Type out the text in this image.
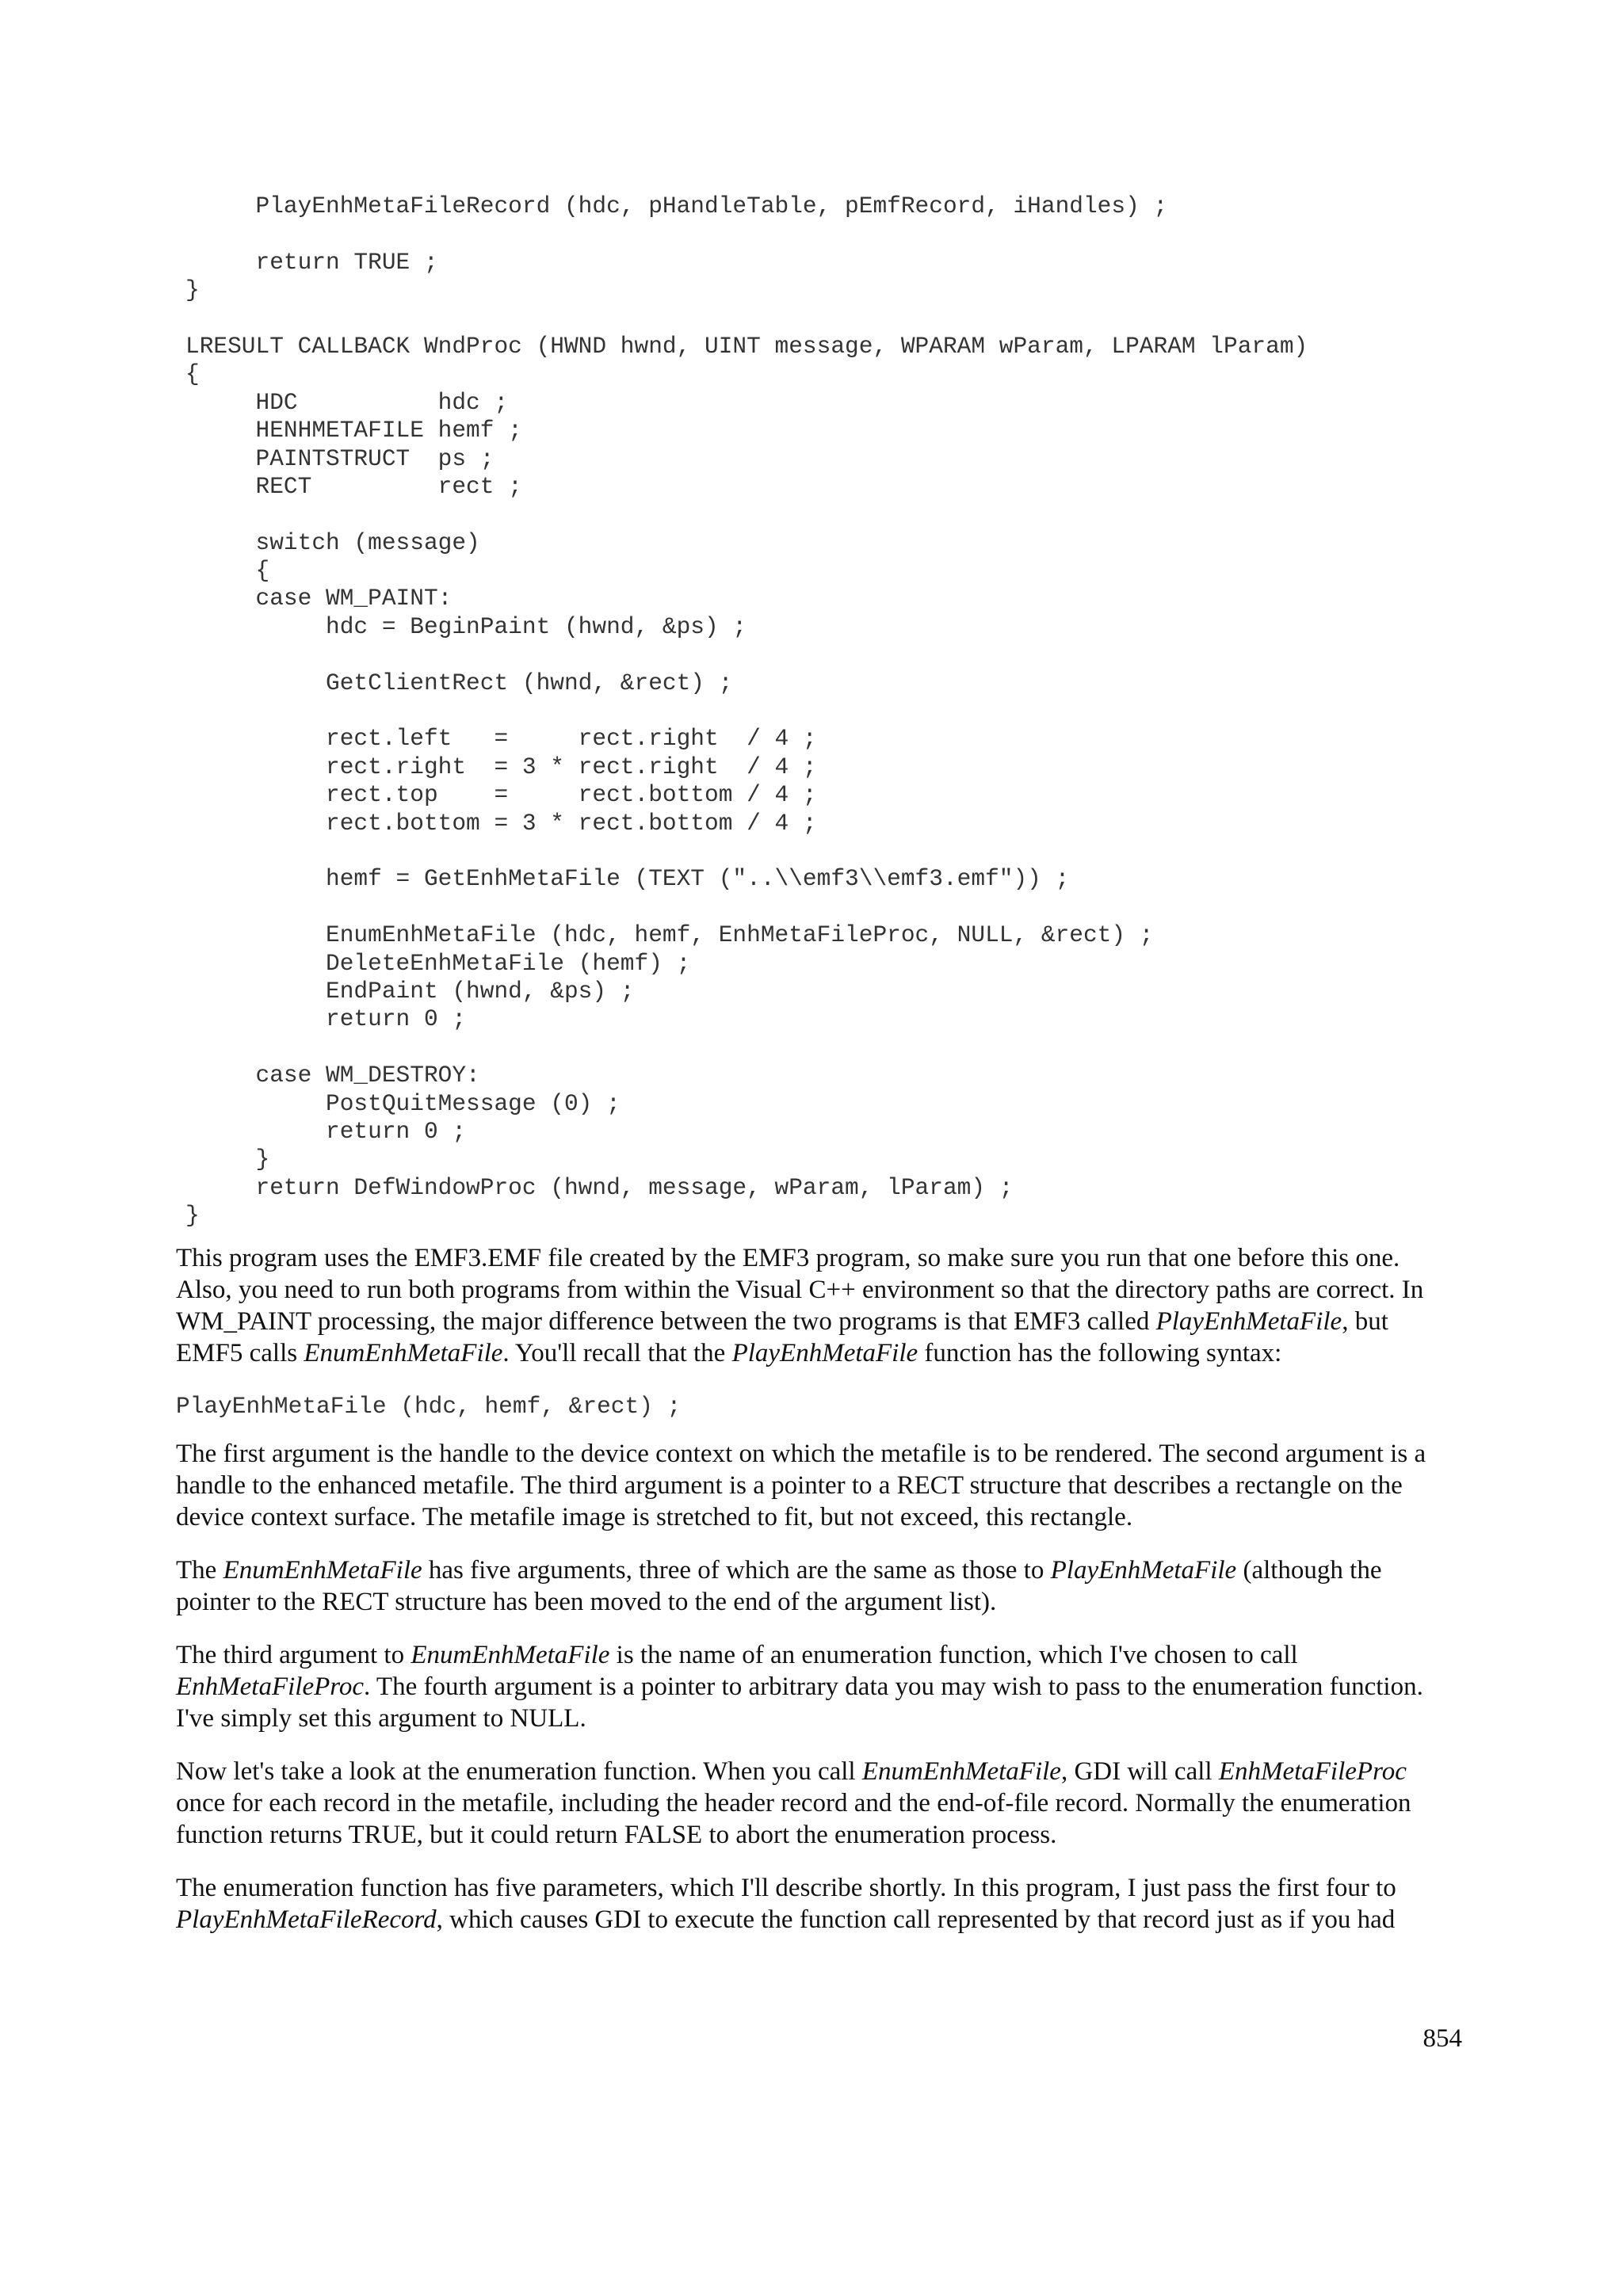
PlayEnhMetaFileRecord (hdc, pHandleTable, pEmfRecord, iHandles) ;
return TRUE ;
}
LRESULT CALLBACK WndProc (HWND hwnd, UINT message, WPARAM wParam, LPARAM lParam)
{
HDC          hdc ;
HENHMETAFILE hemf ;
PAINTSTRUCT  ps ;
RECT         rect ;
switch (message)
{
case WM_PAINT:
hdc = BeginPaint (hwnd, &ps) ;
GetClientRect (hwnd, &rect) ;
rect.left   =     rect.right  / 4 ;
rect.right  = 3 * rect.right  / 4 ;
rect.top    =     rect.bottom / 4 ;
rect.bottom = 3 * rect.bottom / 4 ;
hemf = GetEnhMetaFile (TEXT ("..\\emf3\\emf3.emf")) ;
EnumEnhMetaFile (hdc, hemf, EnhMetaFileProc, NULL, &rect) ;
DeleteEnhMetaFile (hemf) ;
EndPaint (hwnd, &ps) ;
return 0 ;
case WM_DESTROY:
PostQuitMessage (0) ;
return 0 ;
}
return DefWindowProc (hwnd, message, wParam, lParam) ;
}

This program uses the EMF3.EMF file created by the EMF3 program, so make sure you run that one before this one. Also, you need to run both programs from within the Visual C++ environment so that the directory paths are correct. In WM_PAINT processing, the major difference between the two programs is that EMF3 called PlayEnhMetaFile, but EMF5 calls EnumEnhMetaFile. You'll recall that the PlayEnhMetaFile function has the following syntax:

PlayEnhMetaFile (hdc, hemf, &rect) ;

The first argument is the handle to the device context on which the metafile is to be rendered. The second argument is a handle to the enhanced metafile. The third argument is a pointer to a RECT structure that describes a rectangle on the device context surface. The metafile image is stretched to fit, but not exceed, this rectangle.

The EnumEnhMetaFile has five arguments, three of which are the same as those to PlayEnhMetaFile (although the pointer to the RECT structure has been moved to the end of the argument list).

The third argument to EnumEnhMetaFile is the name of an enumeration function, which I've chosen to call EnhMetaFileProc. The fourth argument is a pointer to arbitrary data you may wish to pass to the enumeration function. I've simply set this argument to NULL.

Now let's take a look at the enumeration function. When you call EnumEnhMetaFile, GDI will call EnhMetaFileProc once for each record in the metafile, including the header record and the end-of-file record. Normally the enumeration function returns TRUE, but it could return FALSE to abort the enumeration process.

The enumeration function has five parameters, which I'll describe shortly. In this program, I just pass the first four to PlayEnhMetaFileRecord, which causes GDI to execute the function call represented by that record just as if you had

854
